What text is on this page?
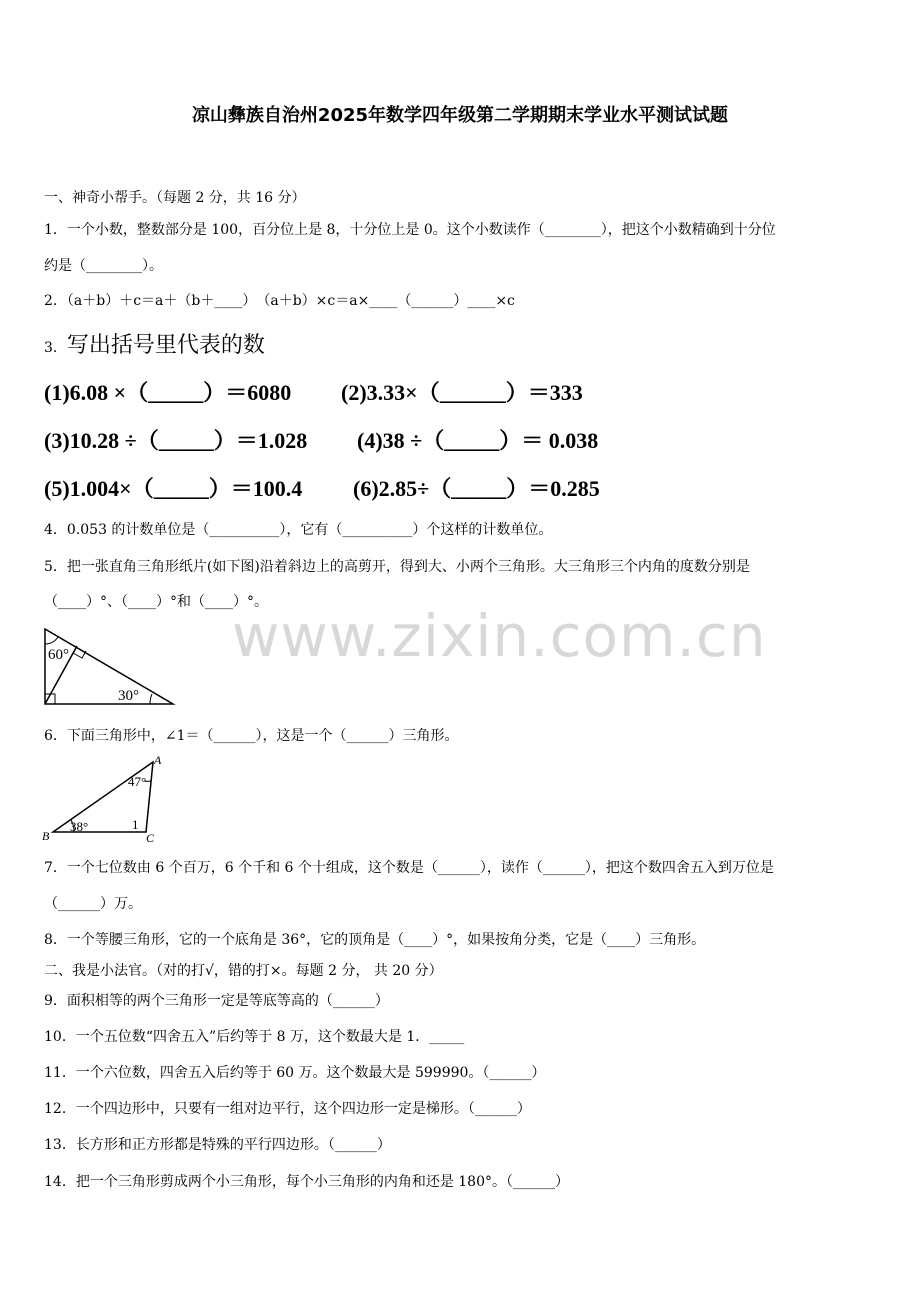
www.zixin.com.cn
凉山彝族自治州2025年数学四年级第二学期期末学业水平测试试题
一、神奇小帮手。（每题 2 分，共 16 分）
1．一个小数，整数部分是 100，百分位上是 8，十分位上是 0。这个小数读作（________），把这个小数精确到十分位
约是（________）。
2．（a＋b）＋c＝a＋（b＋____）　（a＋b）×c＝a×____（______）____×c
3．写出括号里代表的数
(1)6.08 ×（_____）＝6080 (2)3.33×（______）＝333
(3)10.28 ÷（_____）＝1.028 (4)38 ÷（_____）＝ 0.038
(5)1.004×（_____）＝100.4 (6)2.85÷（_____）＝0.285
4．0.053 的计数单位是（__________），它有（__________）个这样的计数单位。
5．把一张直角三角形纸片(如下图)沿着斜边上的高剪开，得到大、小两个三角形。大三角形三个内角的度数分别是
（____）°、（____）°和（____）°。
60°
30°
6．下面三角形中，∠1＝（______），这是一个（______）三角形。
A
B	C
47°
38°	1
7．一个七位数由 6 个百万，6 个千和 6 个十组成，这个数是（______），读作（______），把这个数四舍五入到万位是
（______）万。
8．一个等腰三角形，它的一个底角是 36°，它的顶角是（____）°，如果按角分类，它是（____）三角形。
二、我是小法官。（对的打√，错的打×。每题 2 分， 共 20 分）
9．面积相等的两个三角形一定是等底等高的（______）
10．一个五位数“四舍五入”后约等于 8 万，这个数最大是 1．_____
11．一个六位数，四舍五入后约等于 60 万。这个数最大是 599990。（______）
12．一个四边形中，只要有一组对边平行，这个四边形一定是梯形。（______）
13．长方形和正方形都是特殊的平行四边形。（______）
14．把一个三角形剪成两个小三角形，每个小三角形的内角和还是 180°。（______）
